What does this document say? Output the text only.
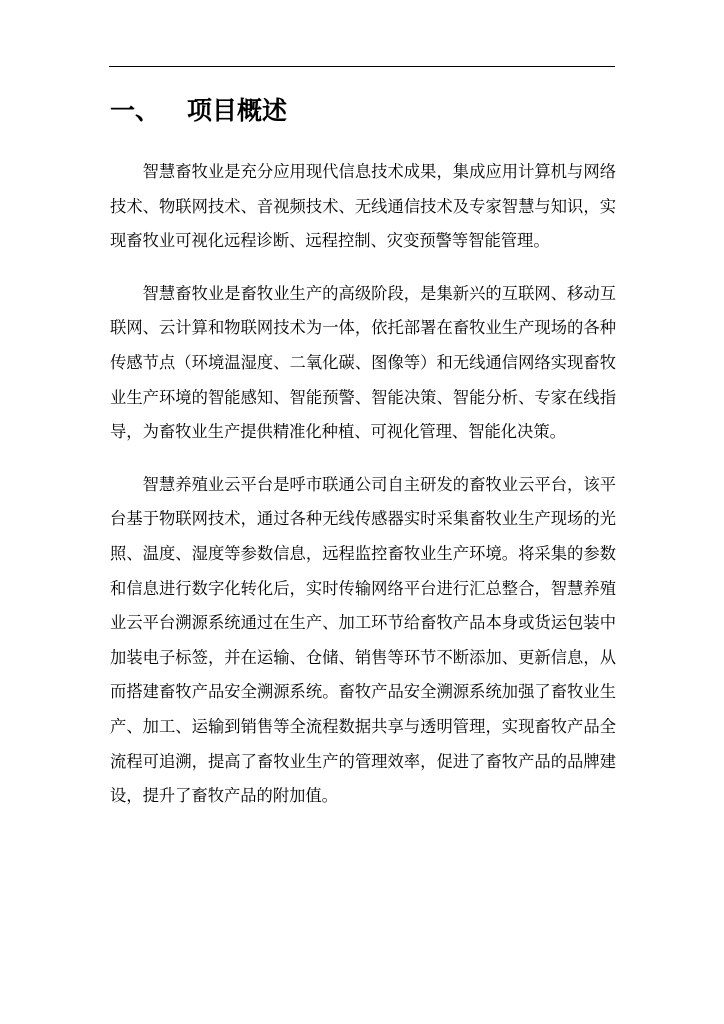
一、	项目概述

智慧畜牧业是充分应用现代信息技术成果，集成应用计算机与网络技术、物联网技术、音视频技术、无线通信技术及专家智慧与知识，实现畜牧业可视化远程诊断、远程控制、灾变预警等智能管理。

智慧畜牧业是畜牧业生产的高级阶段，是集新兴的互联网、移动互联网、云计算和物联网技术为一体，依托部署在畜牧业生产现场的各种传感节点（环境温湿度、二氧化碳、图像等）和无线通信网络实现畜牧业生产环境的智能感知、智能预警、智能决策、智能分析、专家在线指导，为畜牧业生产提供精准化种植、可视化管理、智能化决策。

智慧养殖业云平台是呼市联通公司自主研发的畜牧业云平台，该平台基于物联网技术，通过各种无线传感器实时采集畜牧业生产现场的光照、温度、湿度等参数信息，远程监控畜牧业生产环境。将采集的参数和信息进行数字化转化后，实时传输网络平台进行汇总整合，智慧养殖业云平台溯源系统通过在生产、加工环节给畜牧产品本身或货运包装中加装电子标签，并在运输、仓储、销售等环节不断添加、更新信息，从而搭建畜牧产品安全溯源系统。畜牧产品安全溯源系统加强了畜牧业生产、加工、运输到销售等全流程数据共享与透明管理，实现畜牧产品全流程可追溯，提高了畜牧业生产的管理效率，促进了畜牧产品的品牌建设，提升了畜牧产品的附加值。
